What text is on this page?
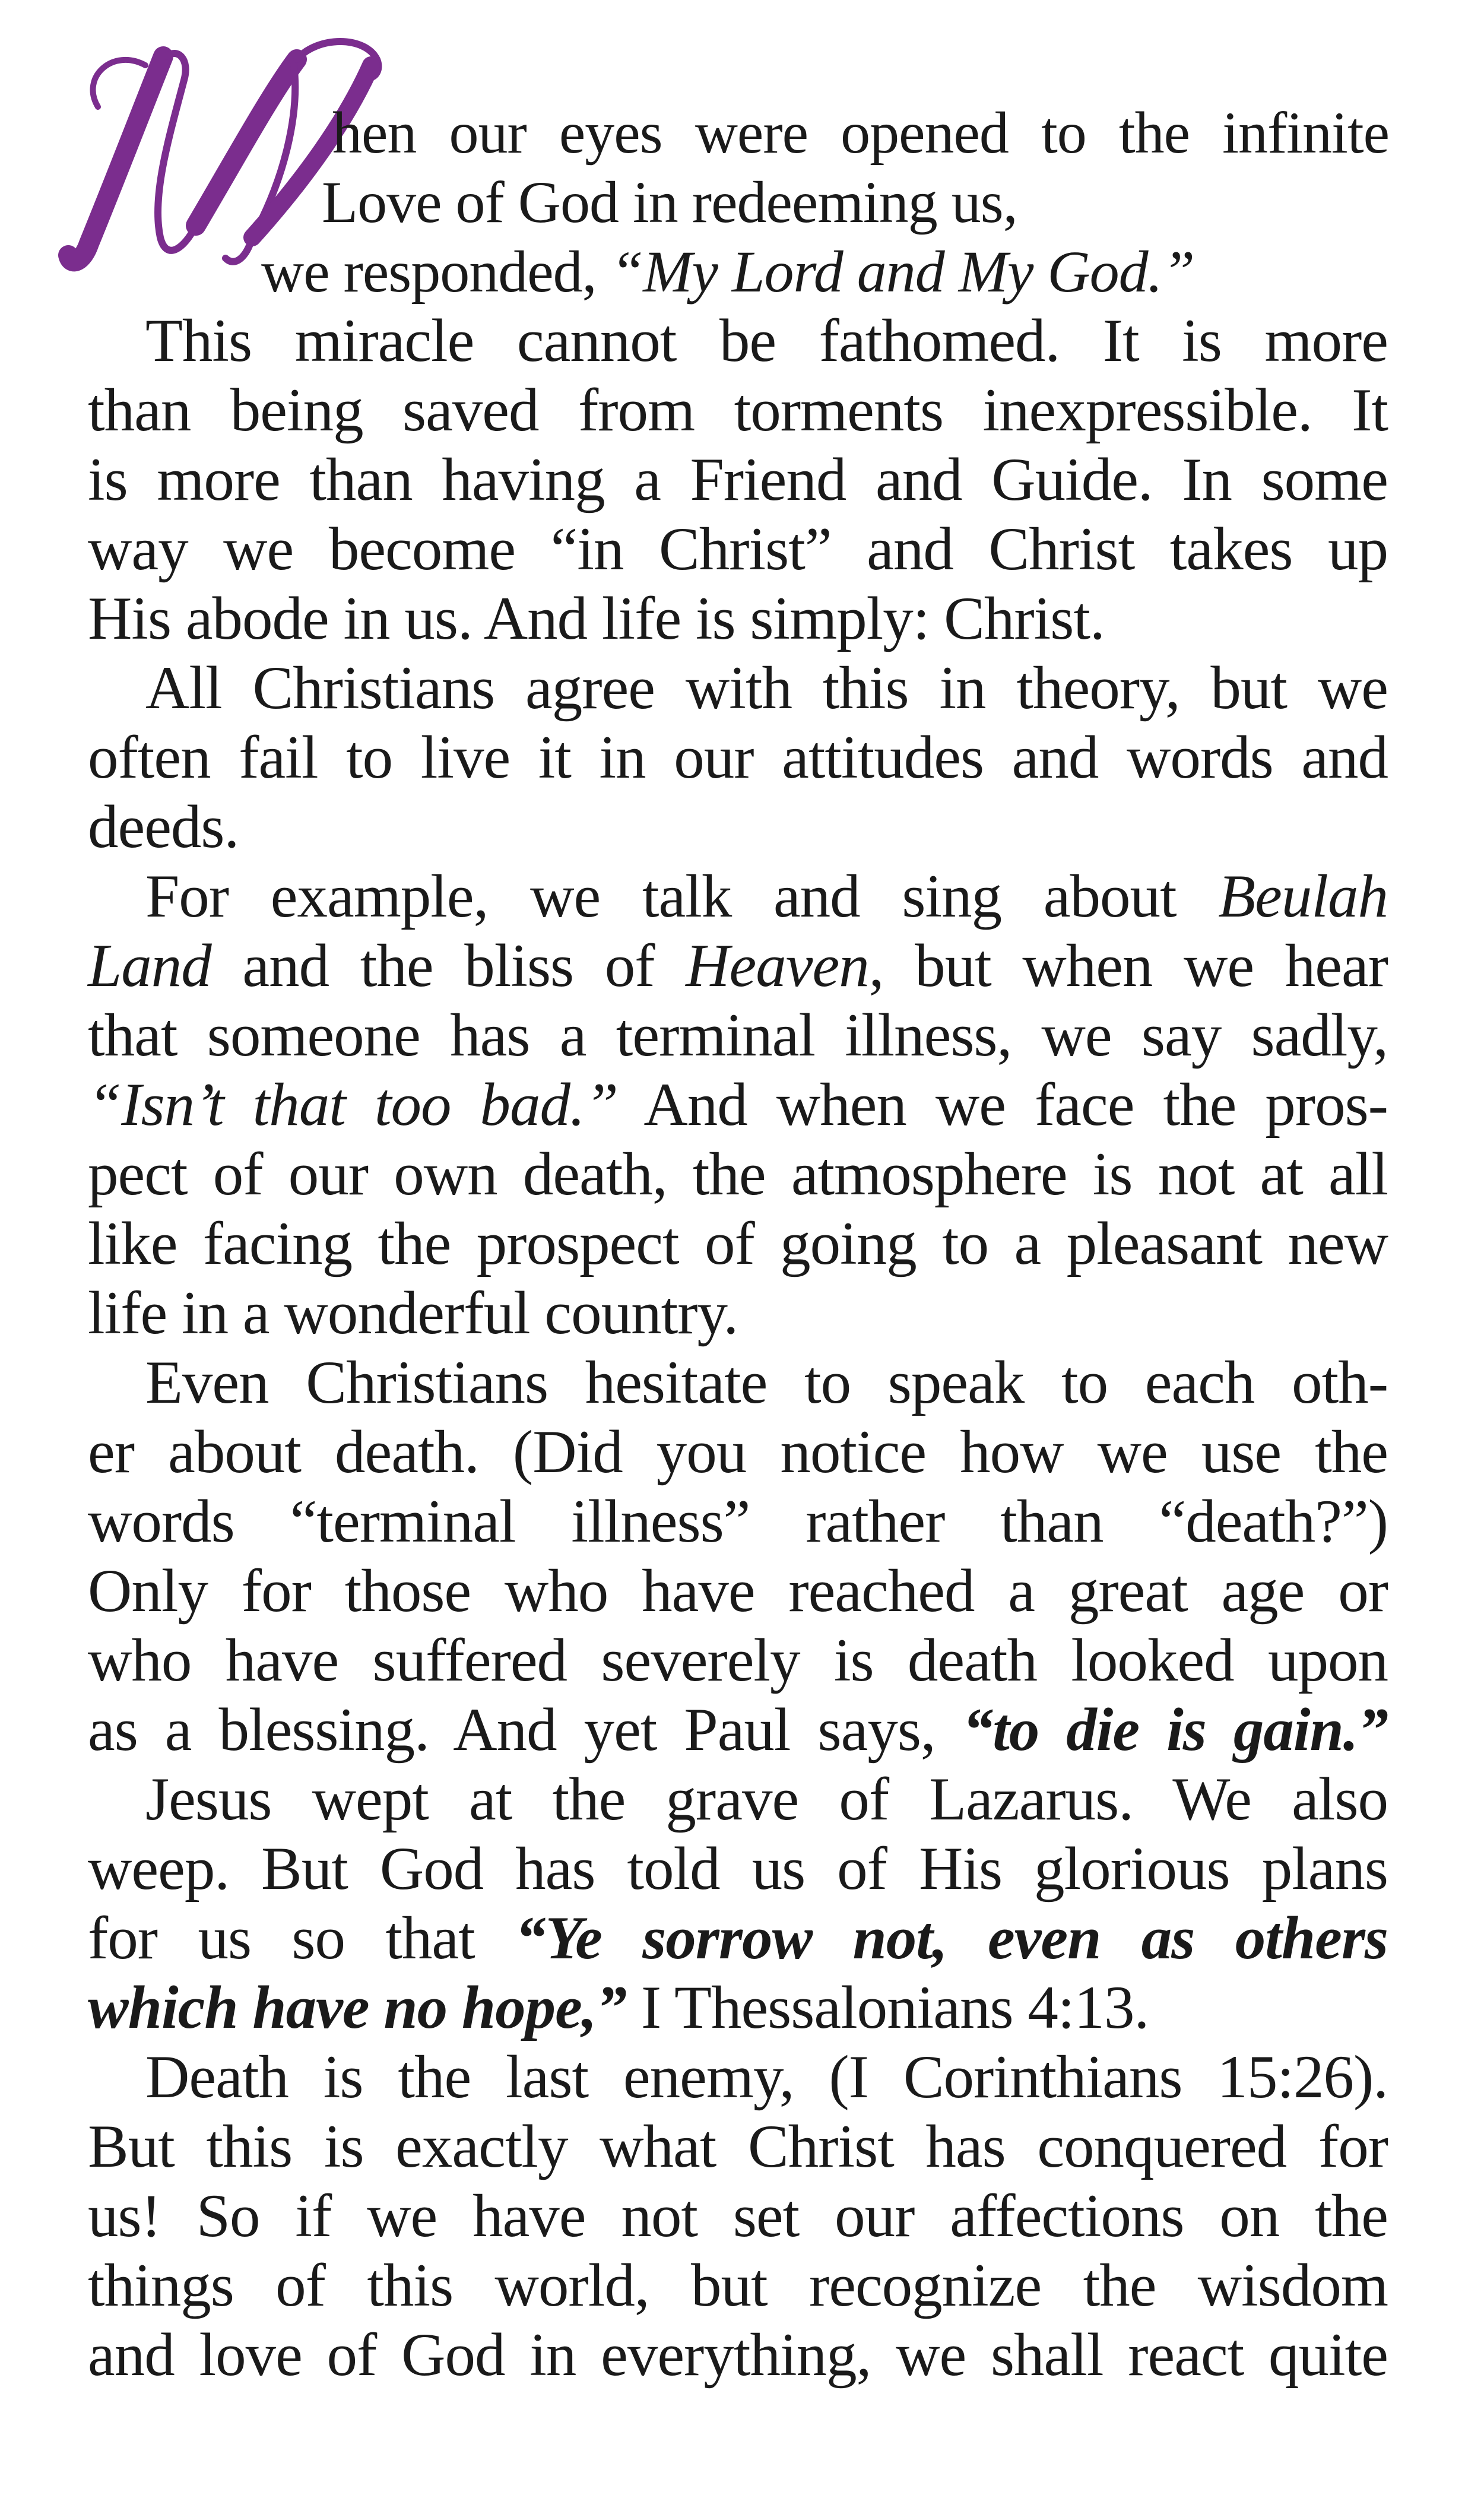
hen our eyes were opened to the infinite
Love of God in redeeming us,
we responded, “My Lord and My God.”
This miracle cannot be fathomed. It is more
than being saved from torments inexpressible. It
is more than having a Friend and Guide. In some
way we become “in Christ” and Christ takes up
His abode in us. And life is simply: Christ.
All Christians agree with this in theory, but we
often fail to live it in our attitudes and words and
deeds.
For example, we talk and sing about Beulah
Land and the bliss of Heaven, but when we hear
that someone has a terminal illness, we say sadly,
“Isn’t that too bad.” And when we face the pros-
pect of our own death, the atmosphere is not at all
like facing the prospect of going to a pleasant new
life in a wonderful country.
Even Christians hesitate to speak to each oth-
er about death. (Did you notice how we use the
words “terminal illness” rather than “death?”)
Only for those who have reached a great age or
who have suffered severely is death looked upon
as a blessing. And yet Paul says, “to die is gain.”
Jesus wept at the grave of Lazarus. We also
weep. But God has told us of His glorious plans
for us so that “Ye sorrow not, even as others
which have no hope,” I Thessalonians 4:13.
Death is the last enemy, (I Corinthians 15:26).
But this is exactly what Christ has conquered for
us! So if we have not set our affections on the
things of this world, but recognize the wisdom
and love of God in everything, we shall react quite
